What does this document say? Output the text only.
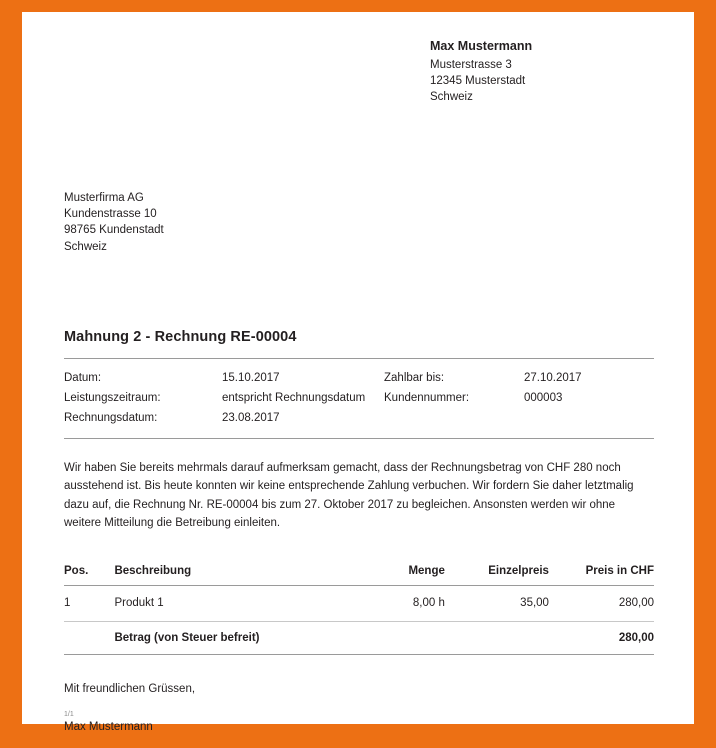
Max Mustermann
Musterstrasse 3
12345 Musterstadt
Schweiz
Musterfirma AG
Kundenstrasse 10
98765 Kundenstadt
Schweiz
Mahnung 2 - Rechnung RE-00004
Datum:	15.10.2017	Zahlbar bis:	27.10.2017
Leistungszeitraum:	entspricht Rechnungsdatum	Kundennummer:	000003
Rechnungsdatum:	23.08.2017		
Wir haben Sie bereits mehrmals darauf aufmerksam gemacht, dass der Rechnungsbetrag von CHF 280 noch ausstehend ist. Bis heute konnten wir keine entsprechende Zahlung verbuchen. Wir fordern Sie daher letztmalig dazu auf, die Rechnung Nr. RE-00004 bis zum 27. Oktober 2017 zu begleichen. Ansonsten werden wir ohne weitere Mitteilung die Betreibung einleiten.
Pos.	Beschreibung	Menge	Einzelpreis	Preis in CHF
1	Produkt 1	8,00 h	35,00	280,00
	Betrag (von Steuer befreit)			280,00
Mit freundlichen Grüssen,
Max Mustermann
1/1
